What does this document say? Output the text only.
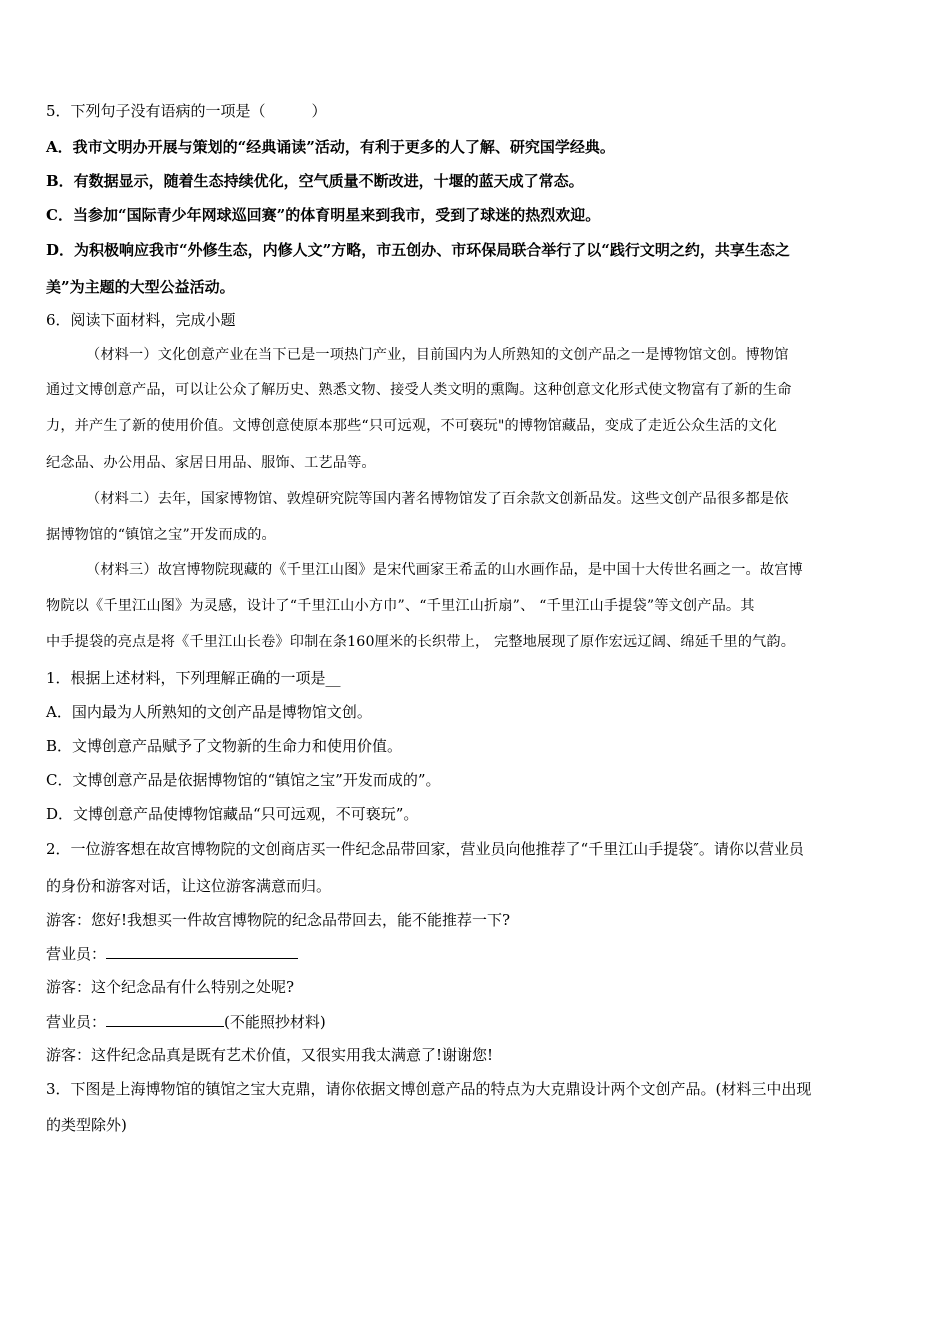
5．下列句子没有语病的一项是（	）
A．我市文明办开展与策划的“经典诵读”活动，有利于更多的人了解、研究国学经典。
B．有数据显示，随着生态持续优化，空气质量不断改进，十堰的蓝天成了常态。
C．当参加“国际青少年网球巡回赛”的体育明星来到我市，受到了球迷的热烈欢迎。
D．为积极响应我市“外修生态，内修人文”方略，市五创办、市环保局联合举行了以“践行文明之约，共享生态之
美”为主题的大型公益活动。
6．阅读下面材料，完成小题
（材料一）文化创意产业在当下已是一项热门产业，目前国内为人所熟知的文创产品之一是博物馆文创。博物馆
通过文博创意产品，可以让公众了解历史、熟悉文物、接受人类文明的熏陶。这种创意文化形式使文物富有了新的生命
力，并产生了新的使用价值。文博创意使原本那些“只可远观，不可亵玩"的博物馆藏品，变成了走近公众生活的文化
纪念品、办公用品、家居日用品、服饰、工艺品等。
（材料二）去年，国家博物馆、敦煌研究院等国内著名博物馆发了百余款文创新品发。这些文创产品很多都是依
据博物馆的“镇馆之宝”开发而成的。
（材料三）故宫博物院现藏的《千里江山图》是宋代画家王希孟的山水画作品，是中国十大传世名画之一。故宫博
物院以《千里江山图》为灵感，设计了“千里江山小方巾”、“千里江山折扇”、 “千里江山手提袋”等文创产品。其
中手提袋的亮点是将《千里江山长卷》印制在条160厘米的长织带上， 完整地展现了原作宏远辽阔、绵延千里的气韵。
1．根据上述材料，下列理解正确的一项是__
A．国内最为人所熟知的文创产品是博物馆文创。
B．文博创意产品赋予了文物新的生命力和使用价值。
C．文博创意产品是依据博物馆的“镇馆之宝”开发而成的”。
D．文博创意产品使博物馆藏品“只可远观，不可亵玩”。
2．一位游客想在故宫博物院的文创商店买一件纪念品带回家，营业员向他推荐了“千里江山手提袋″。请你以营业员
的身份和游客对话，让这位游客满意而归。
游客：您好!我想买一件故宫博物院的纪念品带回去，能不能推荐一下?
营业员：
游客：这个纪念品有什么特别之处呢?
营业员：	(不能照抄材料)
游客：这件纪念品真是既有艺术价值，又很实用我太满意了!谢谢您!
3．下图是上海博物馆的镇馆之宝大克鼎，请你依据文博创意产品的特点为大克鼎设计两个文创产品。(材料三中出现
的类型除外)
